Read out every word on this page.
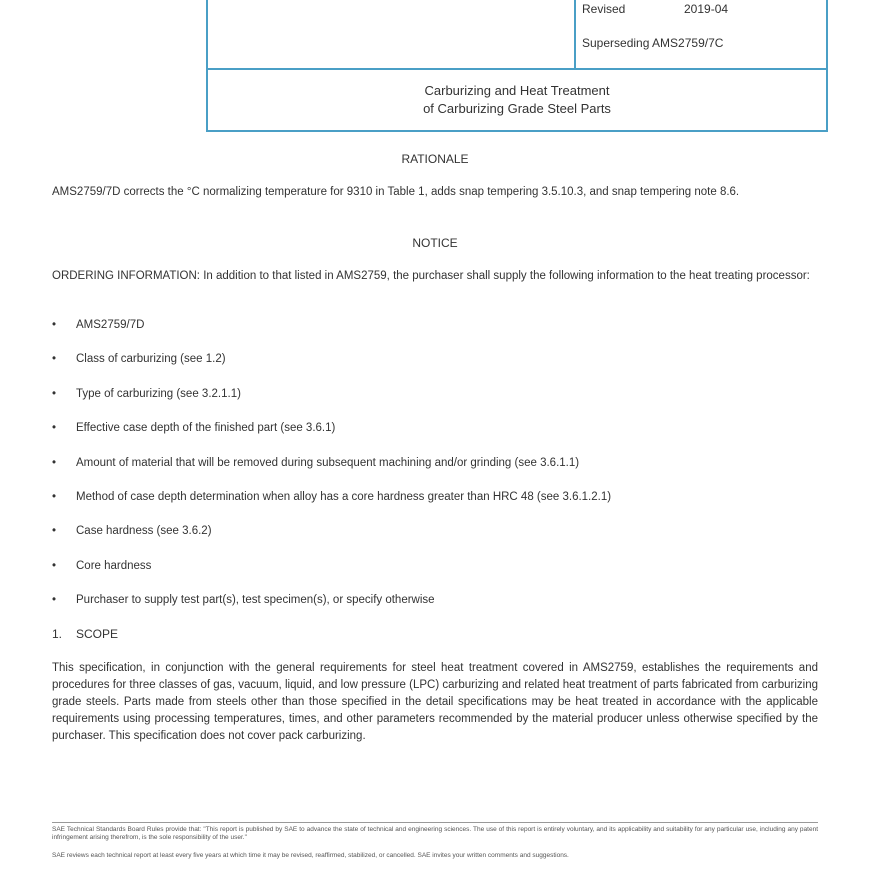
Revised	2019-04
Superseding AMS2759/7C
Carburizing and Heat Treatment
of Carburizing Grade Steel Parts
RATIONALE
AMS2759/7D corrects the °C normalizing temperature for 9310 in Table 1, adds snap tempering 3.5.10.3, and snap tempering note 8.6.
NOTICE
ORDERING INFORMATION: In addition to that listed in AMS2759, the purchaser shall supply the following information to the heat treating processor:
• AMS2759/7D
• Class of carburizing (see 1.2)
• Type of carburizing (see 3.2.1.1)
• Effective case depth of the finished part (see 3.6.1)
• Amount of material that will be removed during subsequent machining and/or grinding (see 3.6.1.1)
• Method of case depth determination when alloy has a core hardness greater than HRC 48 (see 3.6.1.2.1)
• Case hardness (see 3.6.2)
• Core hardness
• Purchaser to supply test part(s), test specimen(s), or specify otherwise
1. SCOPE
This specification, in conjunction with the general requirements for steel heat treatment covered in AMS2759, establishes the requirements and procedures for three classes of gas, vacuum, liquid, and low pressure (LPC) carburizing and related heat treatment of parts fabricated from carburizing grade steels. Parts made from steels other than those specified in the detail specifications may be heat treated in accordance with the applicable requirements using processing temperatures, times, and other parameters recommended by the material producer unless otherwise specified by the purchaser. This specification does not cover pack carburizing.
SAE Technical Standards Board Rules provide that: "This report is published by SAE to advance the state of technical and engineering sciences. The use of this report is entirely voluntary, and its applicability and suitability for any particular use, including any patent infringement arising therefrom, is the sole responsibility of the user."
SAE reviews each technical report at least every five years at which time it may be revised, reaffirmed, stabilized, or cancelled. SAE invites your written comments and suggestions.
